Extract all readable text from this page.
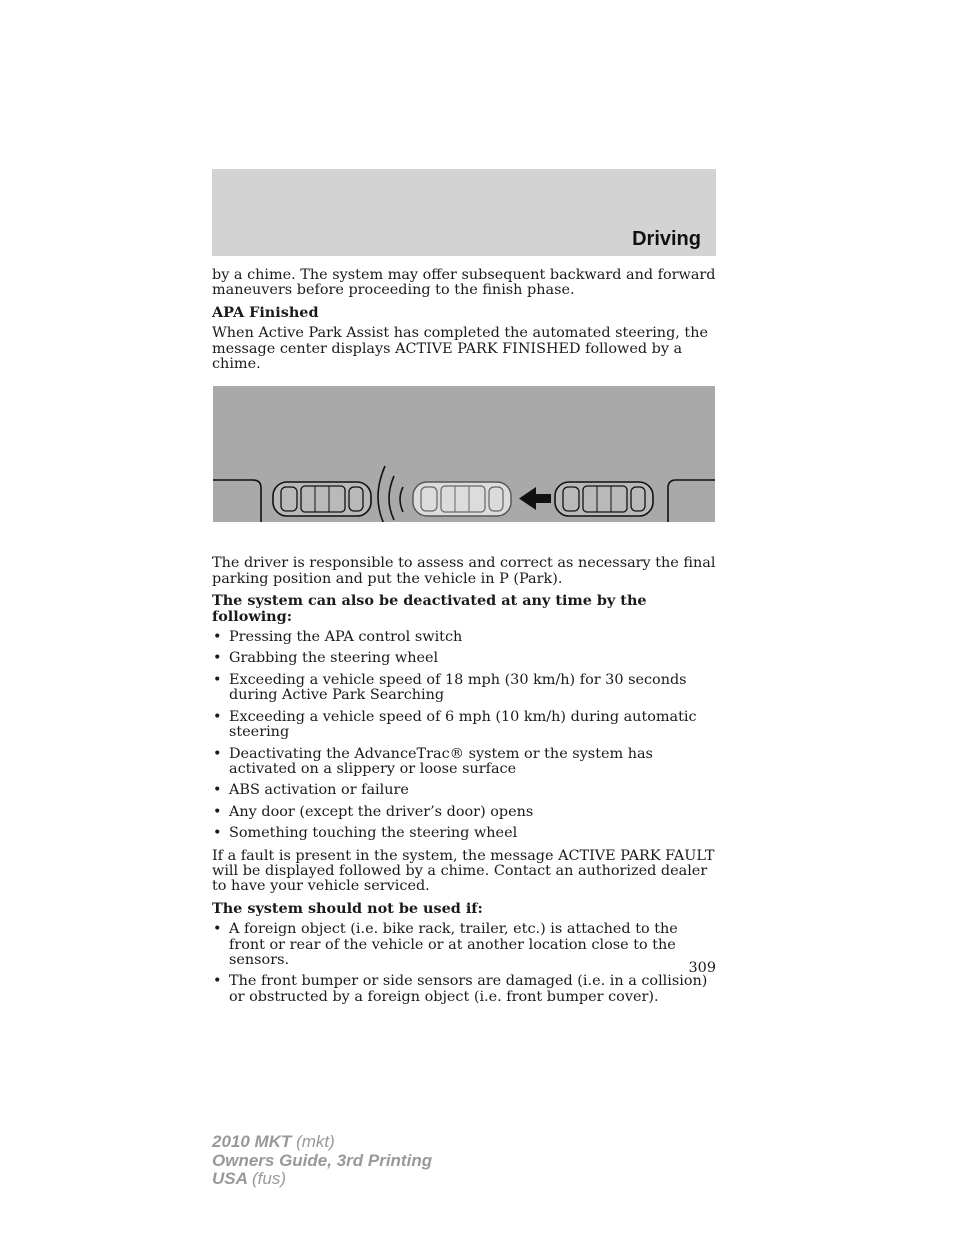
Driving

by a chime. The system may offer subsequent backward and forward maneuvers before proceeding to the finish phase.

APA Finished

When Active Park Assist has completed the automated steering, the message center displays ACTIVE PARK FINISHED followed by a chime.

The driver is responsible to assess and correct as necessary the final parking position and put the vehicle in P (Park).

The system can also be deactivated at any time by the following:

• Pressing the APA control switch
• Grabbing the steering wheel
• Exceeding a vehicle speed of 18 mph (30 km/h) for 30 seconds during Active Park Searching
• Exceeding a vehicle speed of 6 mph (10 km/h) during automatic steering
• Deactivating the AdvanceTrac® system or the system has activated on a slippery or loose surface
• ABS activation or failure
• Any door (except the driver’s door) opens
• Something touching the steering wheel

If a fault is present in the system, the message ACTIVE PARK FAULT will be displayed followed by a chime. Contact an authorized dealer to have your vehicle serviced.

The system should not be used if:

• A foreign object (i.e. bike rack, trailer, etc.) is attached to the front or rear of the vehicle or at another location close to the sensors.
• The front bumper or side sensors are damaged (i.e. in a collision) or obstructed by a foreign object (i.e. front bumper cover).
309
2010 MKT (mkt)
Owners Guide, 3rd Printing
USA (fus)
